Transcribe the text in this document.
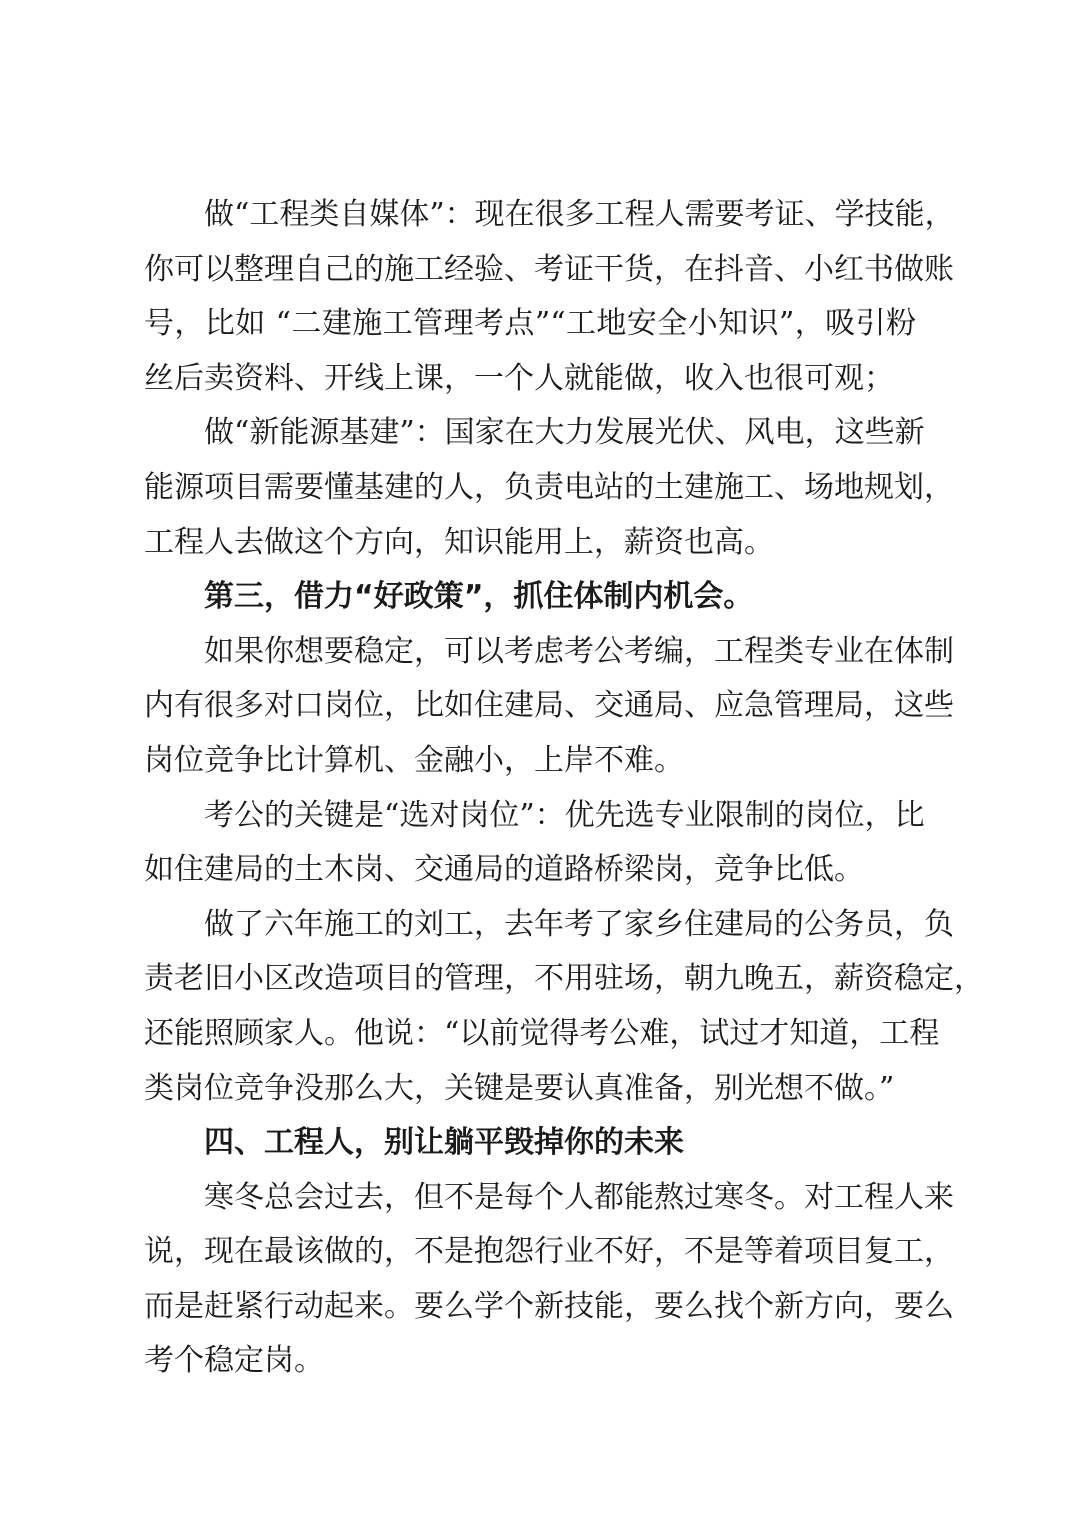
做“工程类自媒体”：现在很多工程人需要考证、学技能，
你可以整理自己的施工经验、考证干货，在抖音、小红书做账
号，比如 “二建施工管理考点”“工地安全小知识”，吸引粉
丝后卖资料、开线上课，一个人就能做，收入也很可观；
做“新能源基建”：国家在大力发展光伏、风电，这些新
能源项目需要懂基建的人，负责电站的土建施工、场地规划，
工程人去做这个方向，知识能用上，薪资也高。
第三，借力“好政策”，抓住体制内机会。
如果你想要稳定，可以考虑考公考编，工程类专业在体制
内有很多对口岗位，比如住建局、交通局、应急管理局，这些
岗位竞争比计算机、金融小，上岸不难。
考公的关键是“选对岗位”：优先选专业限制的岗位，比
如住建局的土木岗、交通局的道路桥梁岗，竞争比低。
做了六年施工的刘工，去年考了家乡住建局的公务员，负
责老旧小区改造项目的管理，不用驻场，朝九晚五，薪资稳定，
还能照顾家人。他说：“以前觉得考公难，试过才知道，工程
类岗位竞争没那么大，关键是要认真准备，别光想不做。”
四、工程人，别让躺平毁掉你的未来
寒冬总会过去，但不是每个人都能熬过寒冬。对工程人来
说，现在最该做的，不是抱怨行业不好，不是等着项目复工，
而是赶紧行动起来。要么学个新技能，要么找个新方向，要么
考个稳定岗。
